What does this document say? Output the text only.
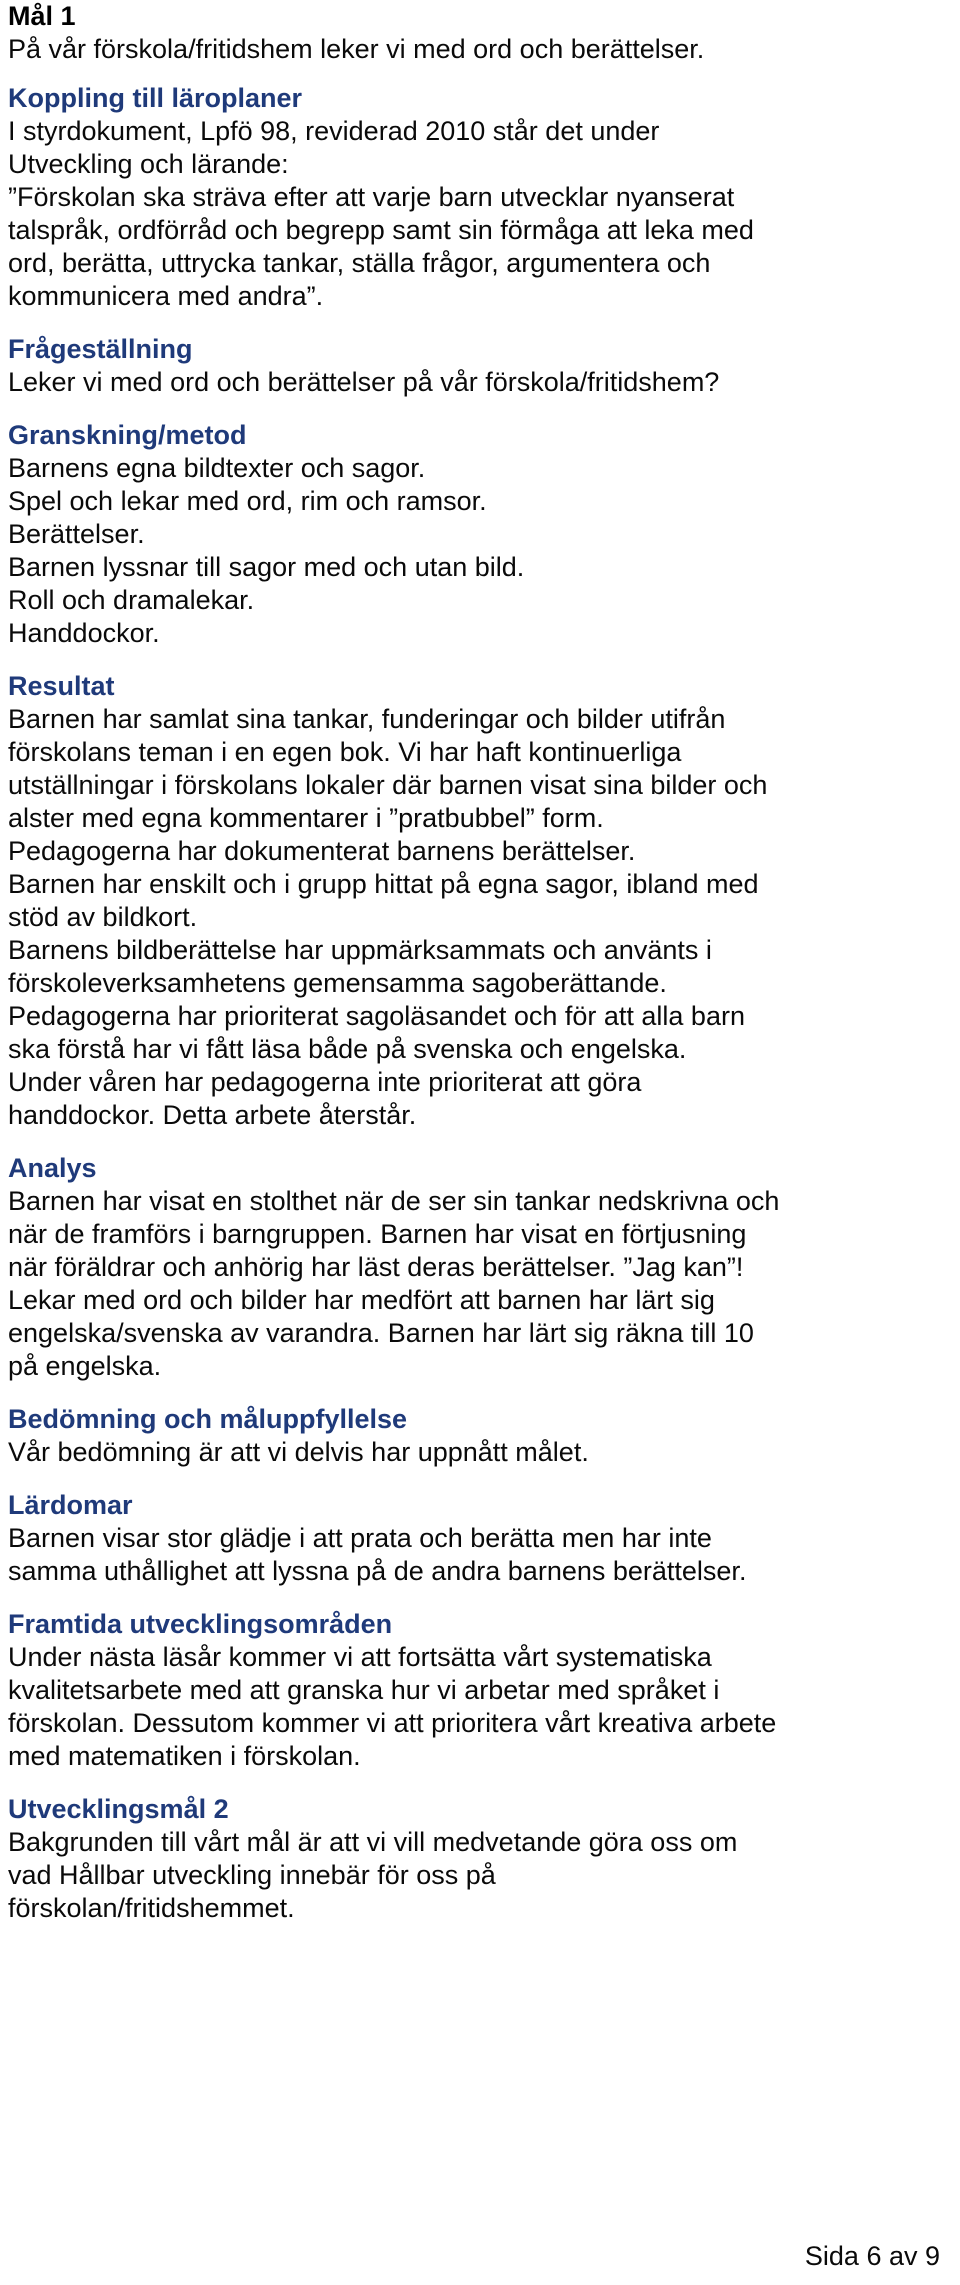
Mål 1
På vår förskola/fritidshem leker vi med ord och berättelser.
Koppling till läroplaner
I styrdokument, Lpfö 98, reviderad 2010 står det under
Utveckling och lärande:
”Förskolan ska sträva efter att varje barn utvecklar nyanserat
talspråk, ordförråd och begrepp samt sin förmåga att leka med
ord, berätta, uttrycka tankar, ställa frågor, argumentera och
kommunicera med andra”.
Frågeställning
Leker vi med ord och berättelser på vår förskola/fritidshem?
Granskning/metod
Barnens egna bildtexter och sagor.
Spel och lekar med ord, rim och ramsor.
Berättelser.
Barnen lyssnar till sagor med och utan bild.
Roll och dramalekar.
Handdockor.
Resultat
Barnen har samlat sina tankar, funderingar och bilder utifrån
förskolans teman i en egen bok. Vi har haft kontinuerliga
utställningar i förskolans lokaler där barnen visat sina bilder och
alster med egna kommentarer i ”pratbubbel” form.
Pedagogerna har dokumenterat barnens berättelser.
Barnen har enskilt och i grupp hittat på egna sagor, ibland med
stöd av bildkort.
Barnens bildberättelse har uppmärksammats och använts i
förskoleverksamhetens gemensamma sagoberättande.
Pedagogerna har prioriterat sagoläsandet och för att alla barn
ska förstå har vi fått läsa både på svenska och engelska.
Under våren har pedagogerna inte prioriterat att göra
handdockor. Detta arbete återstår.
Analys
Barnen har visat en stolthet när de ser sin tankar nedskrivna och
när de framförs i barngruppen. Barnen har visat en förtjusning
när föräldrar och anhörig har läst deras berättelser. ”Jag kan”!
Lekar med ord och bilder har medfört att barnen har lärt sig
engelska/svenska av varandra. Barnen har lärt sig räkna till 10
på engelska.
Bedömning och måluppfyllelse
Vår bedömning är att vi delvis har uppnått målet.
Lärdomar
Barnen visar stor glädje i att prata och berätta men har inte
samma uthållighet att lyssna på de andra barnens berättelser.
Framtida utvecklingsområden
Under nästa läsår kommer vi att fortsätta vårt systematiska
kvalitetsarbete med att granska hur vi arbetar med språket i
förskolan. Dessutom kommer vi att prioritera vårt kreativa arbete
med matematiken i förskolan.
Utvecklingsmål 2
Bakgrunden till vårt mål är att vi vill medvetande göra oss om
vad Hållbar utveckling innebär för oss på
förskolan/fritidshemmet.
Sida 6 av 9
